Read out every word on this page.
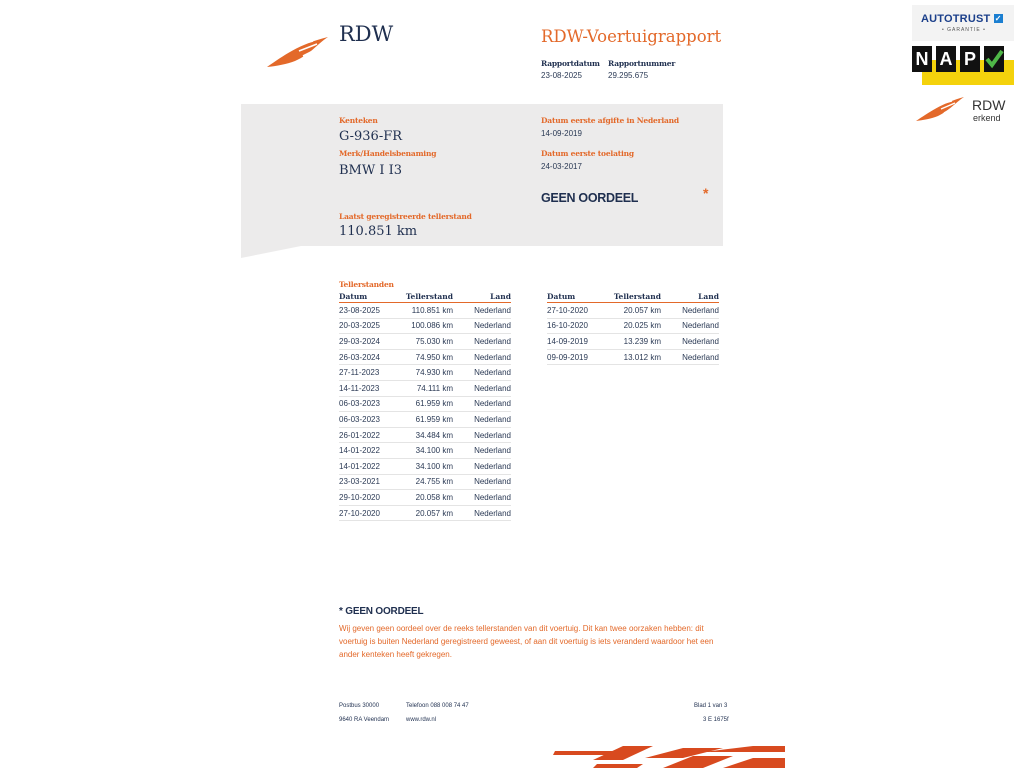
RDW	RDW-Voertuigrapport
Rapportdatum Rapportnummer
23-08-2025	29.295.675
Kenteken
G-936-FR
Merk/Handelsbenaming
BMW I I3
Datum eerste afgifte in Nederland
14-09-2019
Datum eerste toelating
24-03-2017
GEEN OORDEEL	*
Laatst geregistreerde tellerstand
110.851 km
Tellerstanden
Datum	Tellerstand	Land
23-08-2025	110.851 km	Nederland
20-03-2025	100.086 km	Nederland
29-03-2024	75.030 km	Nederland
26-03-2024	74.950 km	Nederland
27-11-2023	74.930 km	Nederland
14-11-2023	74.111 km	Nederland
06-03-2023	61.959 km	Nederland
06-03-2023	61.959 km	Nederland
26-01-2022	34.484 km	Nederland
14-01-2022	34.100 km	Nederland
14-01-2022	34.100 km	Nederland
23-03-2021	24.755 km	Nederland
29-10-2020	20.058 km	Nederland
27-10-2020	20.057 km	Nederland
Datum	Tellerstand	Land
27-10-2020	20.057 km	Nederland
16-10-2020	20.025 km	Nederland
14-09-2019	13.239 km	Nederland
09-09-2019	13.012 km	Nederland
* GEEN OORDEEL
Wij geven geen oordeel over de reeks tellerstanden van dit voertuig. Dit kan twee oorzaken hebben: dit
voertuig is buiten Nederland geregistreerd geweest, of aan dit voertuig is iets veranderd waardoor het een
ander kenteken heeft gekregen.
Postbus 30000	Telefoon 088 008 74 47	Blad 1 van 3
9640 RA Veendam	www.rdw.nl	3 E 1675f
AUTOTRUST ✓
• GARANTIE •
N A P
RDW
erkend
